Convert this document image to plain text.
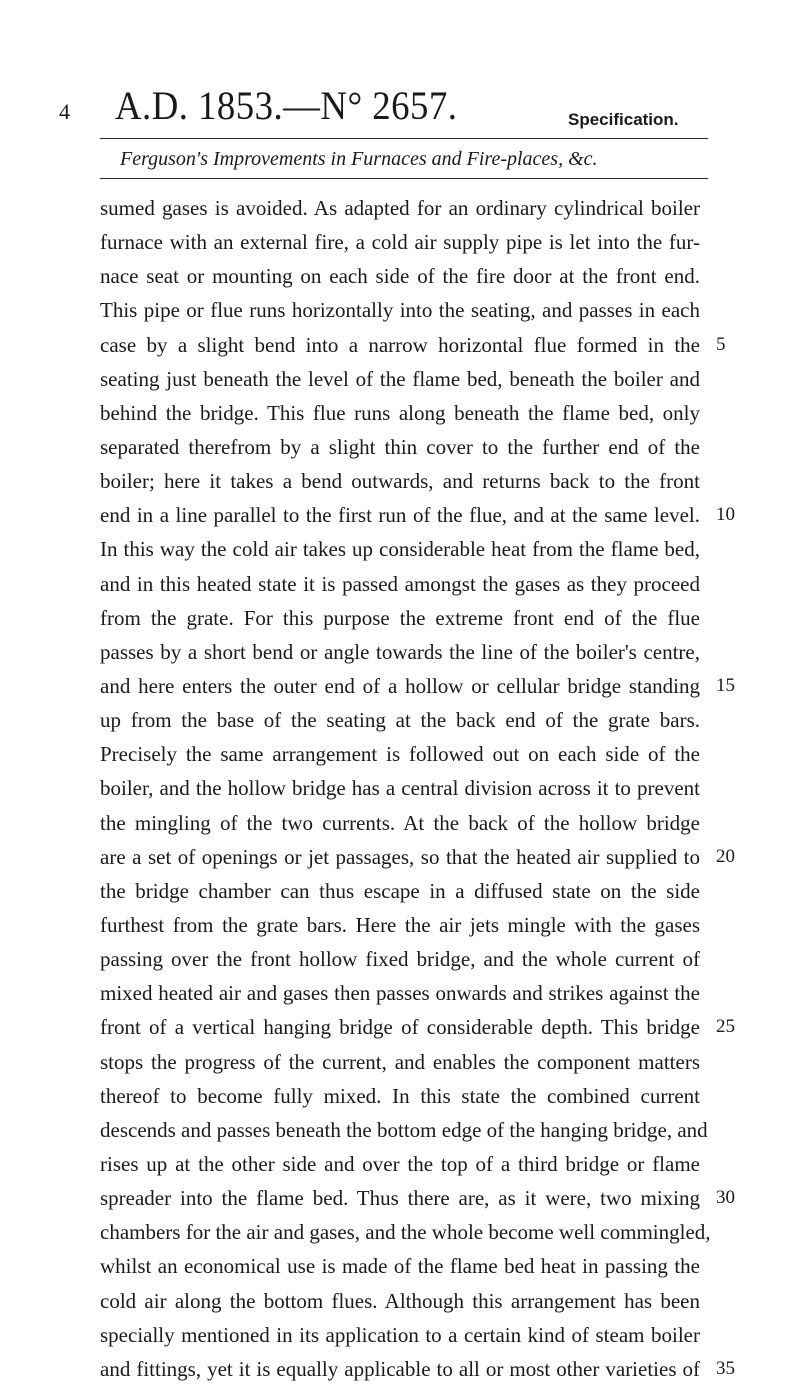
4 A.D. 1853.—N° 2657.	Specification.
Ferguson's Improvements in Furnaces and Fire-places, &c.
sumed gases is avoided. As adapted for an ordinary cylindrical boiler
furnace with an external fire, a cold air supply pipe is let into the fur-
nace seat or mounting on each side of the fire door at the front end.
This pipe or flue runs horizontally into the seating, and passes in each
case by a slight bend into a narrow horizontal flue formed in the 5
seating just beneath the level of the flame bed, beneath the boiler and
behind the bridge. This flue runs along beneath the flame bed, only
separated therefrom by a slight thin cover to the further end of the
boiler; here it takes a bend outwards, and returns back to the front
end in a line parallel to the first run of the flue, and at the same level. 10
In this way the cold air takes up considerable heat from the flame bed,
and in this heated state it is passed amongst the gases as they proceed
from the grate. For this purpose the extreme front end of the flue
passes by a short bend or angle towards the line of the boiler's centre,
and here enters the outer end of a hollow or cellular bridge standing 15
up from the base of the seating at the back end of the grate bars.
Precisely the same arrangement is followed out on each side of the
boiler, and the hollow bridge has a central division across it to prevent
the mingling of the two currents. At the back of the hollow bridge
are a set of openings or jet passages, so that the heated air supplied to 20
the bridge chamber can thus escape in a diffused state on the side
furthest from the grate bars. Here the air jets mingle with the gases
passing over the front hollow fixed bridge, and the whole current of
mixed heated air and gases then passes onwards and strikes against the
front of a vertical hanging bridge of considerable depth. This bridge 25
stops the progress of the current, and enables the component matters
thereof to become fully mixed. In this state the combined current
descends and passes beneath the bottom edge of the hanging bridge, and
rises up at the other side and over the top of a third bridge or flame
spreader into the flame bed. Thus there are, as it were, two mixing 30
chambers for the air and gases, and the whole become well commingled,
whilst an economical use is made of the flame bed heat in passing the
cold air along the bottom flues. Although this arrangement has been
specially mentioned in its application to a certain kind of steam boiler
and fittings, yet it is equally applicable to all or most other varieties of 35
